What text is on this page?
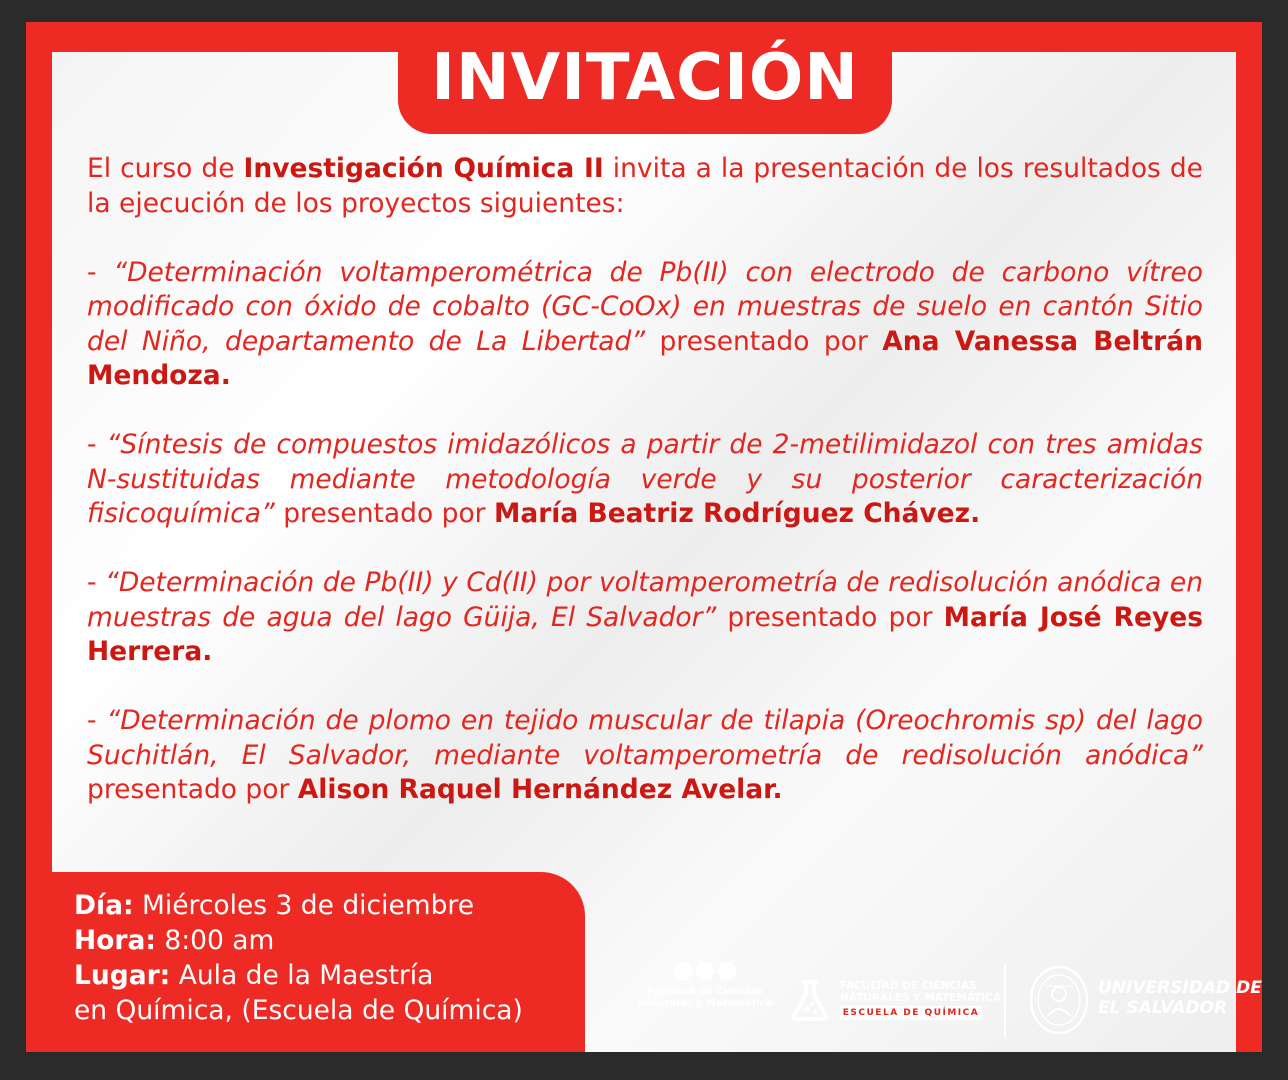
INVITACIÓN

El curso de Investigación Química II invita a la presentación de los resultados de la ejecución de los proyectos siguientes:

- “Determinación voltamperométrica de Pb(II) con electrodo de carbono vítreo modificado con óxido de cobalto (GC-CoOx) en muestras de suelo en cantón Sitio del Niño, departamento de La Libertad” presentado por Ana Vanessa Beltrán Mendoza.

- “Síntesis de compuestos imidazólicos a partir de 2-metilimidazol con tres amidas N-sustituidas mediante metodología verde y su posterior caracterización fisicoquímica” presentado por María Beatriz Rodríguez Chávez.

- “Determinación de Pb(II) y Cd(II) por voltamperometría de redisolución anódica en muestras de agua del lago Güija, El Salvador” presentado por María José Reyes Herrera.

- “Determinación de plomo en tejido muscular de tilapia (Oreochromis sp) del lago Suchitlán, El Salvador, mediante voltamperometría de redisolución anódica” presentado por Alison Raquel Hernández Avelar.

Día: Miércoles 3 de diciembre
Hora: 8:00 am
Lugar: Aula de la Maestría
en Química, (Escuela de Química)
Facultad de Ciencias
Naturales y Matemática
FACULTAD DE CIENCIAS
NATURALES Y MATEMÁTICA
ESCUELA DE QUÍMICA
UNIVERSIDAD DE
EL SALVADOR
